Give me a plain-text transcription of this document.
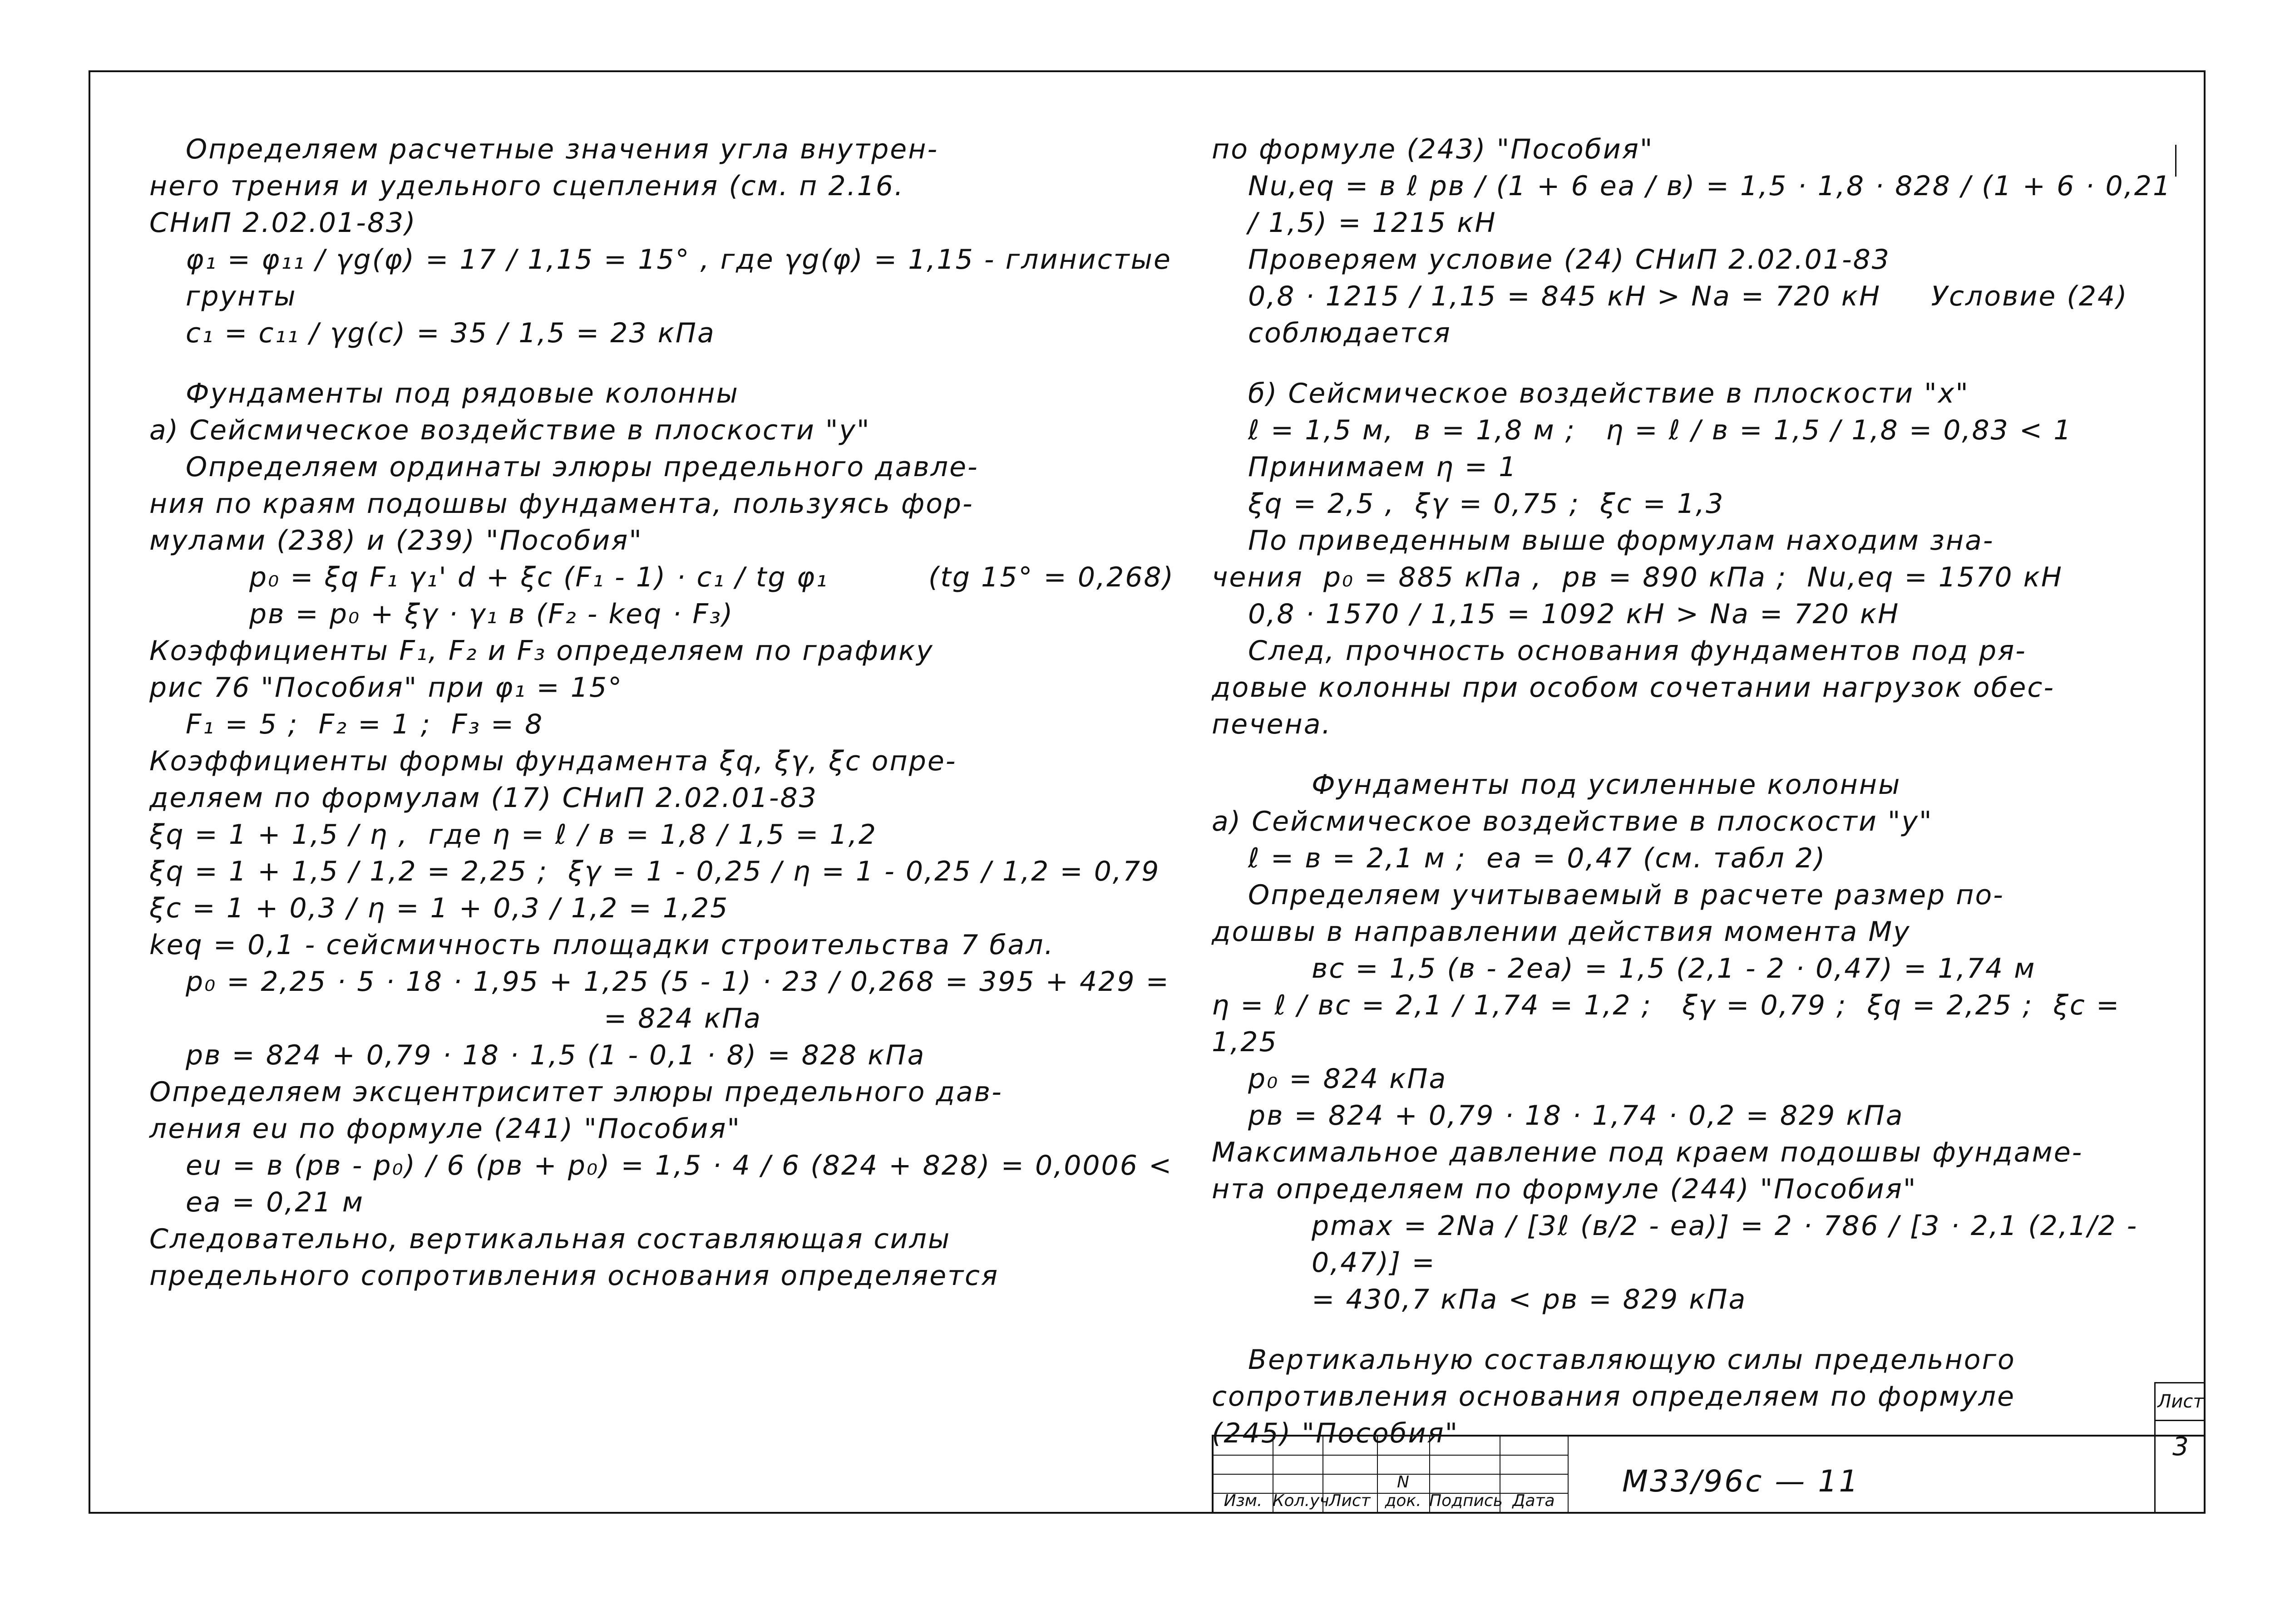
Определяем расчетные значения угла внутрен-
него трения и удельного сцепления (см. п 2.16.
СНиП 2.02.01-83)
φ₁ = φ₁₁ / γg(φ) = 17 / 1,15 = 15° , где γg(φ) = 1,15 - глинистые грунты
c₁ = c₁₁ / γg(c) = 35 / 1,5 = 23 кПа
Фундаменты под рядовые колонны
а) Сейсмическое воздействие в плоскости "у"
Определяем ординаты элюры предельного давле-
ния по краям подошвы фундамента, пользуясь фор-
мулами (238) и (239) "Пособия"
p₀ = ξq F₁ γ₁' d + ξc (F₁ - 1) · c₁ / tg φ₁          (tg 15° = 0,268)
pв = p₀ + ξγ · γ₁ в (F₂ - keq · F₃)
Коэффициенты F₁, F₂ и F₃ определяем по графику
рис 76 "Пособия" при φ₁ = 15°
F₁ = 5 ;  F₂ = 1 ;  F₃ = 8
Коэффициенты формы фундамента ξq, ξγ, ξc опре-
деляем по формулам (17) СНиП 2.02.01-83
ξq = 1 + 1,5 / η ,  где η = ℓ / в = 1,8 / 1,5 = 1,2
ξq = 1 + 1,5 / 1,2 = 2,25 ;  ξγ = 1 - 0,25 / η = 1 - 0,25 / 1,2 = 0,79
ξc = 1 + 0,3 / η = 1 + 0,3 / 1,2 = 1,25
keq = 0,1 - сейсмичность площадки строительства 7 бал.
p₀ = 2,25 · 5 · 18 · 1,95 + 1,25 (5 - 1) · 23 / 0,268 = 395 + 429 =
= 824 кПа
pв = 824 + 0,79 · 18 · 1,5 (1 - 0,1 · 8) = 828 кПа
Определяем эксцентриситет элюры предельного дав-
ления eu по формуле (241) "Пособия"
eu = в (pв - p₀) / 6 (pв + p₀) = 1,5 · 4 / 6 (824 + 828) = 0,0006 < ea = 0,21 м
Следовательно, вертикальная составляющая силы
предельного сопротивления основания определяется
по формуле (243) "Пособия"
Nu,eq = в ℓ pв / (1 + 6 ea / в) = 1,5 · 1,8 · 828 / (1 + 6 · 0,21 / 1,5) = 1215 кН
Проверяем условие (24) СНиП 2.02.01-83
0,8 · 1215 / 1,15 = 845 кН > Na = 720 кН     Условие (24) соблюдается
б) Сейсмическое воздействие в плоскости "х"
ℓ = 1,5 м,  в = 1,8 м ;   η = ℓ / в = 1,5 / 1,8 = 0,83 < 1  Принимаем η = 1
ξq = 2,5 ,  ξγ = 0,75 ;  ξc = 1,3
По приведенным выше формулам находим зна-
чения  p₀ = 885 кПа ,  pв = 890 кПа ;  Nu,eq = 1570 кН
0,8 · 1570 / 1,15 = 1092 кН > Na = 720 кН
След, прочность основания фундаментов под ря-
довые колонны при особом сочетании нагрузок обес-
печена.
Фундаменты под усиленные колонны
а) Сейсмическое воздействие в плоскости "у"
ℓ = в = 2,1 м ;  ea = 0,47 (см. табл 2)
Определяем учитываемый в расчете размер по-
дошвы в направлении действия момента My
вc = 1,5 (в - 2ea) = 1,5 (2,1 - 2 · 0,47) = 1,74 м
η = ℓ / вc = 2,1 / 1,74 = 1,2 ;   ξγ = 0,79 ;  ξq = 2,25 ;  ξc = 1,25
p₀ = 824 кПа
pв = 824 + 0,79 · 18 · 1,74 · 0,2 = 829 кПа
Максимальное давление под краем подошвы фундаме-
нта определяем по формуле (244) "Пособия"
pmax = 2Na / [3ℓ (в/2 - ea)] = 2 · 786 / [3 · 2,1 (2,1/2 - 0,47)] =
= 430,7 кПа < pв = 829 кПа
Вертикальную составляющую силы предельного
сопротивления основания определяем по формуле
(245) "Пособия"
Изм. Кол.уч Лист
N док. Подпись Дата
М33/96с — 11
Лист
3
